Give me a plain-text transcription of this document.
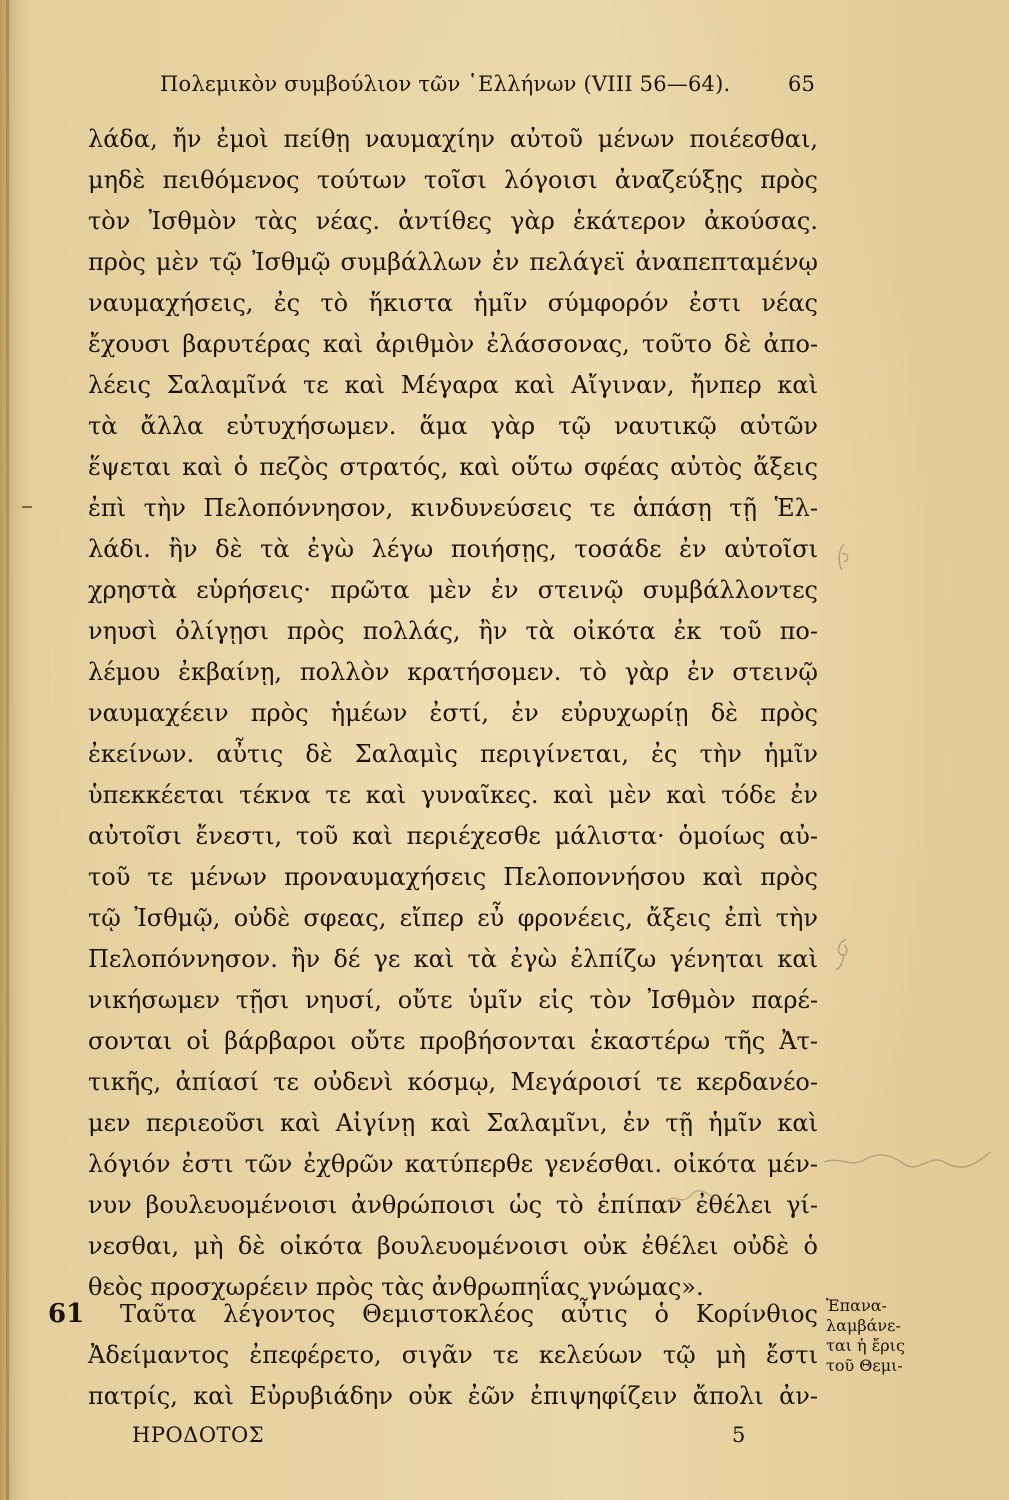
Πολεμικὸν συμβούλιον τῶν ῾Ελλήνων (VIII 56—64).	65
λάδα, ἤν ἐμοὶ πείθῃ ναυμαχίην αὐτοῦ μένων ποιέεσθαι,
μηδὲ πειθόμενος τούτων τοῖσι λόγοισι ἀναζεύξῃς πρὸς
τὸν Ἰσθμὸν τὰς νέας. ἀντίθες γὰρ ἑκάτερον ἀκούσας.
πρὸς μὲν τῷ Ἰσθμῷ συμβάλλων ἐν πελάγεϊ ἀναπεπταμένῳ
ναυμαχήσεις, ἐς τὸ ἥκιστα ἡμῖν σύμφορόν ἐστι νέας
ἔχουσι βαρυτέρας καὶ ἀριθμὸν ἐλάσσονας, τοῦτο δὲ ἀπο-
λέεις Σαλαμῖνά τε καὶ Μέγαρα καὶ Αἴγιναν, ἤνπερ καὶ
τὰ ἄλλα εὐτυχήσωμεν. ἅμα γὰρ τῷ ναυτικῷ αὐτῶν
ἕψεται καὶ ὁ πεζὸς στρατός, καὶ οὕτω σφέας αὐτὸς ἄξεις
ἐπὶ τὴν Πελοπόννησον, κινδυνεύσεις τε ἁπάσῃ τῇ Ἑλ-
λάδι. ἢν δὲ τὰ ἐγὼ λέγω ποιήσῃς, τοσάδε ἐν αὐτοῖσι
χρηστὰ εὑρήσεις· πρῶτα μὲν ἐν στεινῷ συμβάλλοντες
νηυσὶ ὀλίγῃσι πρὸς πολλάς, ἢν τὰ οἰκότα ἐκ τοῦ πο-
λέμου ἐκβαίνῃ, πολλὸν κρατήσομεν. τὸ γὰρ ἐν στεινῷ
ναυμαχέειν πρὸς ἡμέων ἐστί, ἐν εὐρυχωρίῃ δὲ πρὸς
ἐκείνων. αὖτις δὲ Σαλαμὶς περιγίνεται, ἐς τὴν ἡμῖν
ὑπεκκέεται τέκνα τε καὶ γυναῖκες. καὶ μὲν καὶ τόδε ἐν
αὐτοῖσι ἔνεστι, τοῦ καὶ περιέχεσθε μάλιστα· ὁμοίως αὐ-
τοῦ τε μένων προναυμαχήσεις Πελοποννήσου καὶ πρὸς
τῷ Ἰσθμῷ, οὐδὲ σφεας, εἴπερ εὖ φρονέεις, ἄξεις ἐπὶ τὴν
Πελοπόννησον. ἢν δέ γε καὶ τὰ ἐγὼ ἐλπίζω γένηται καὶ
νικήσωμεν τῇσι νηυσί, οὔτε ὑμῖν εἰς τὸν Ἰσθμὸν παρέ-
σονται οἱ βάρβαροι οὔτε προβήσονται ἑκαστέρω τῆς Ἀτ-
τικῆς, ἀπίασί τε οὐδενὶ κόσμῳ, Μεγάροισί τε κερδανέο-
μεν περιεοῦσι καὶ Αἰγίνῃ καὶ Σαλαμῖνι, ἐν τῇ ἡμῖν καὶ
λόγιόν ἐστι τῶν ἐχθρῶν κατύπερθε γενέσθαι. οἰκότα μέν-
νυν βουλευομένοισι ἀνθρώποισι ὡς τὸ ἐπίπαν ἐθέλει γί-
νεσθαι, μὴ δὲ οἰκότα βουλευομένοισι οὐκ ἐθέλει οὐδὲ ὁ
θεὸς προσχωρέειν πρὸς τὰς ἀνθρωπηΐας γνώμας».
Ταῦτα λέγοντος Θεμιστοκλέος αὖτις ὁ Κορίνθιος
Ἀδείμαντος ἐπεφέρετο, σιγᾶν τε κελεύων τῷ μὴ ἔστι
πατρίς, καὶ Εὐρυβιάδην οὐκ ἐῶν ἐπιψηφίζειν ἄπολι ἀν-
61	Ἐπανα-
λαμβάνε-
ται ἡ ἔρις
τοῦ Θεμι-
ΗΡΟΔΟΤΟΣ	5
